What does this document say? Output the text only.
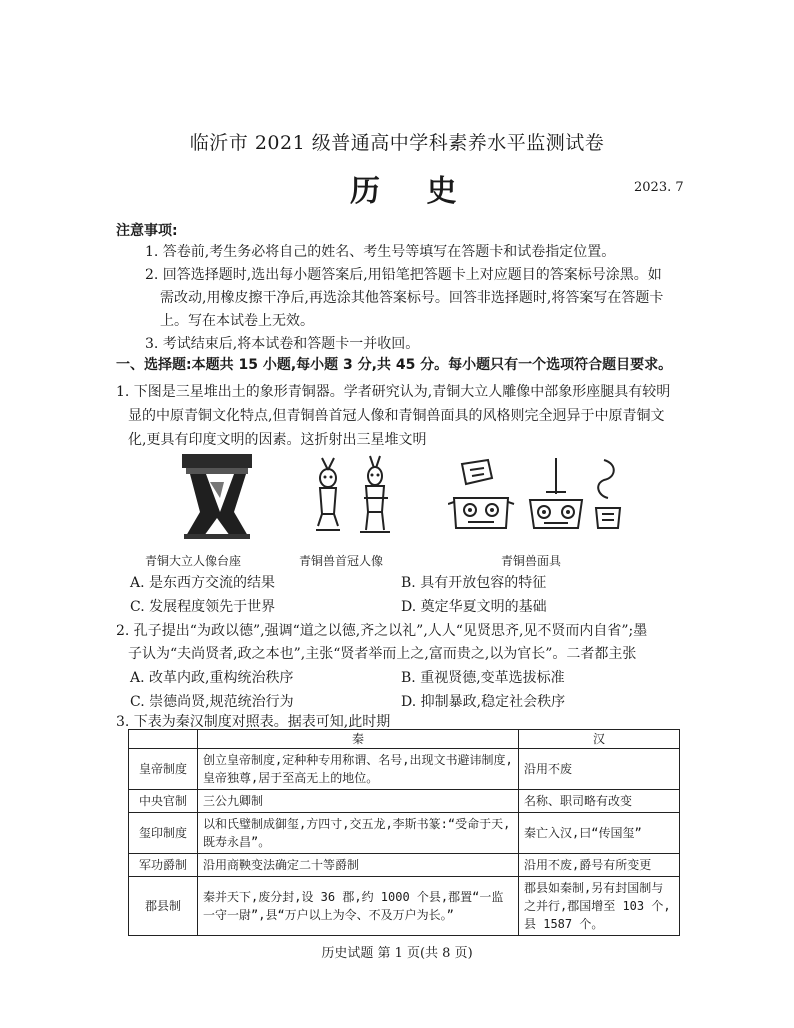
临沂市 2021 级普通高中学科素养水平监测试卷
历 史	2023. 7
注意事项:
1. 答卷前,考生务必将自己的姓名、考生号等填写在答题卡和试卷指定位置。
2. 回答选择题时,选出每小题答案后,用铅笔把答题卡上对应题目的答案标号涂黑。如
需改动,用橡皮擦干净后,再选涂其他答案标号。回答非选择题时,将答案写在答题卡
上。写在本试卷上无效。
3. 考试结束后,将本试卷和答题卡一并收回。
一、选择题:本题共 15 小题,每小题 3 分,共 45 分。每小题只有一个选项符合题目要求。
1. 下图是三星堆出土的象形青铜器。学者研究认为,青铜大立人雕像中部象形座腿具有较明
显的中原青铜文化特点,但青铜兽首冠人像和青铜兽面具的风格则完全迥异于中原青铜文
化,更具有印度文明的因素。这折射出三星堆文明
青铜大立人像台座	青铜兽首冠人像	青铜兽面具
A. 是东西方交流的结果	B. 具有开放包容的特征
C. 发展程度领先于世界	D. 奠定华夏文明的基础
2. 孔子提出“为政以德”,强调“道之以德,齐之以礼”,人人“见贤思齐,见不贤而内自省”;墨
子认为“夫尚贤者,政之本也”,主张“贤者举而上之,富而贵之,以为官长”。二者都主张
A. 改革内政,重构统治秩序	B. 重视贤德,变革选拔标准
C. 崇德尚贤,规范统治行为	D. 抑制暴政,稳定社会秩序
3. 下表为秦汉制度对照表。据表可知,此时期
	秦	汉
皇帝制度	创立皇帝制度,定种种专用称谓、名号,出现文书避讳制度,皇帝独尊,居于至高无上的地位。	沿用不废
中央官制	三公九卿制	名称、职司略有改变
玺印制度	以和氏璧制成御玺,方四寸,交五龙,李斯书篆:“受命于天,既寿永昌”。	秦亡入汉,曰“传国玺”
军功爵制	沿用商鞅变法确定二十等爵制	沿用不废,爵号有所变更
郡县制	秦并天下,废分封,设 36 郡,约 1000 个县,郡置“一监一守一尉”,县“万户以上为令、不及万户为长。”	郡县如秦制,另有封国制与之并行,郡国增至 103 个,县 1587 个。
历史试题 第 1 页(共 8 页)
